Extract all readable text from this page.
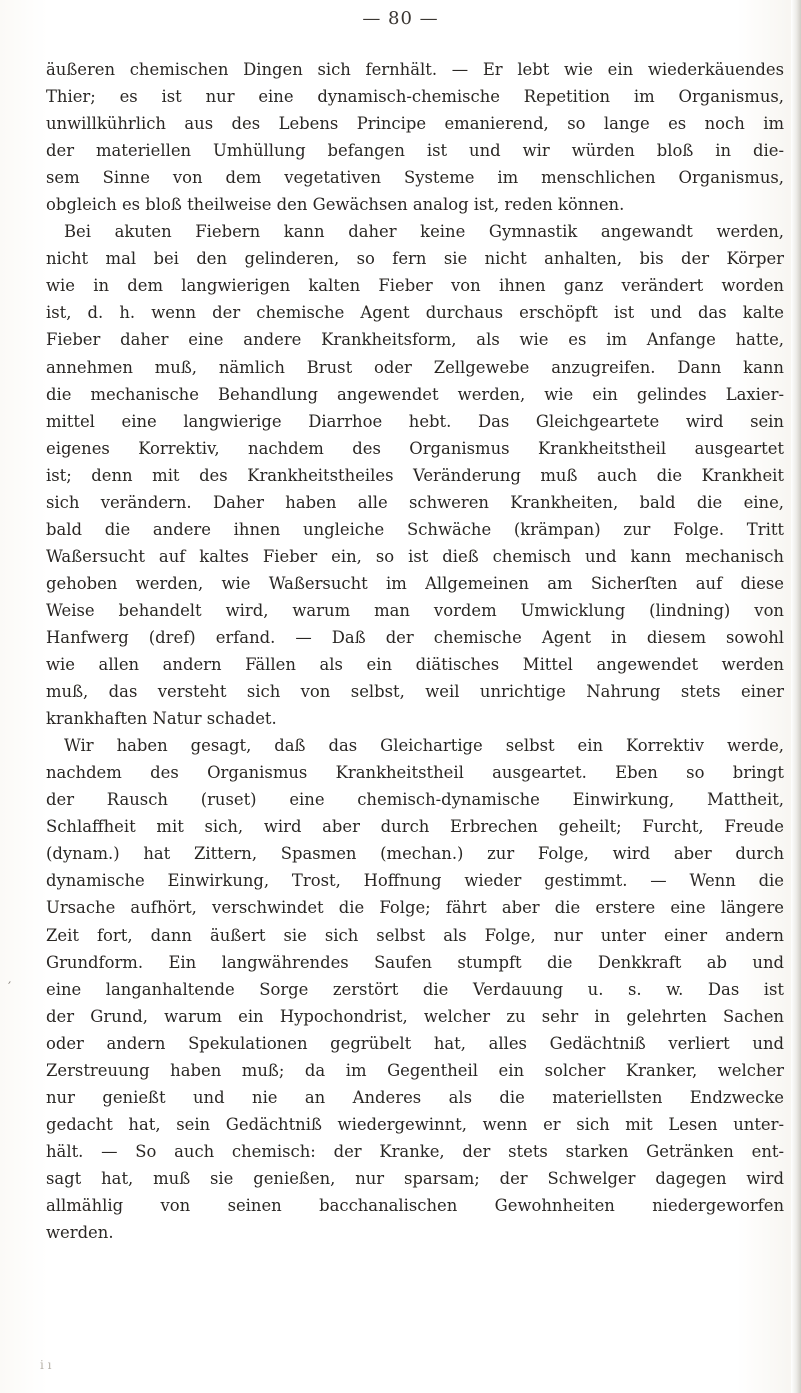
— 80 —
′
äußeren chemischen Dingen sich fernhält. — Er lebt wie ein wiederkäuendes
Thier; es ist nur eine dynamisch-chemische Repetition im Organismus,
unwillkührlich aus des Lebens Principe emanierend, so lange es noch im
der materiellen Umhüllung befangen ist und wir würden bloß in die-
sem Sinne von dem vegetativen Systeme im menschlichen Organismus,
obgleich es bloß theilweise den Gewächsen analog ist, reden können.
Bei akuten Fiebern kann daher keine Gymnastik angewandt werden,
nicht mal bei den gelinderen, so fern sie nicht anhalten, bis der Körper
wie in dem langwierigen kalten Fieber von ihnen ganz verändert worden
ist, d. h. wenn der chemische Agent durchaus erschöpft ist und das kalte
Fieber daher eine andere Krankheitsform, als wie es im Anfange hatte,
annehmen muß, nämlich Brust oder Zellgewebe anzugreifen. Dann kann
die mechanische Behandlung angewendet werden, wie ein gelindes Laxier-
mittel eine langwierige Diarrhoe hebt. Das Gleichgeartete wird sein
eigenes Korrektiv, nachdem des Organismus Krankheitstheil ausgeartet
ist; denn mit des Krankheitstheiles Veränderung muß auch die Krankheit
sich verändern. Daher haben alle schweren Krankheiten, bald die eine,
bald die andere ihnen ungleiche Schwäche (krämpan) zur Folge. Tritt
Waßersucht auf kaltes Fieber ein, so ist dieß chemisch und kann mechanisch
gehoben werden, wie Waßersucht im Allgemeinen am Sicherſten auf diese
Weise behandelt wird, warum man vordem Umwicklung (lindning) von
Hanfwerg (dref) erfand. — Daß der chemische Agent in diesem sowohl
wie allen andern Fällen als ein diätisches Mittel angewendet werden
muß, das versteht sich von selbst, weil unrichtige Nahrung stets einer
krankhaften Natur schadet.
Wir haben gesagt, daß das Gleichartige selbst ein Korrektiv werde,
nachdem des Organismus Krankheitstheil ausgeartet. Eben so bringt
der Rausch (ruset) eine chemisch-dynamische Einwirkung, Mattheit,
Schlaffheit mit sich, wird aber durch Erbrechen geheilt; Furcht, Freude
(dynam.) hat Zittern, Spasmen (mechan.) zur Folge, wird aber durch
dynamische Einwirkung, Trost, Hoffnung wieder gestimmt. — Wenn die
Ursache aufhört, verschwindet die Folge; fährt aber die erstere eine längere
Zeit fort, dann äußert sie sich selbst als Folge, nur unter einer andern
Grundform. Ein langwährendes Saufen stumpft die Denkkraft ab und
eine langanhaltende Sorge zerstört die Verdauung u. s. w. Das ist
der Grund, warum ein Hypochondrist, welcher zu sehr in gelehrten Sachen
oder andern Spekulationen gegrübelt hat, alles Gedächtniß verliert und
Zerstreuung haben muß; da im Gegentheil ein solcher Kranker, welcher
nur genießt und nie an Anderes als die materiellsten Endzwecke
gedacht hat, sein Gedächtniß wiedergewinnt, wenn er sich mit Lesen unter-
hält. — So auch chemisch: der Kranke, der stets starken Getränken ent-
sagt hat, muß sie genießen, nur sparsam; der Schwelger dagegen wird
allmählig von seinen bacchanalischen Gewohnheiten niedergeworfen
werden.
i ı
